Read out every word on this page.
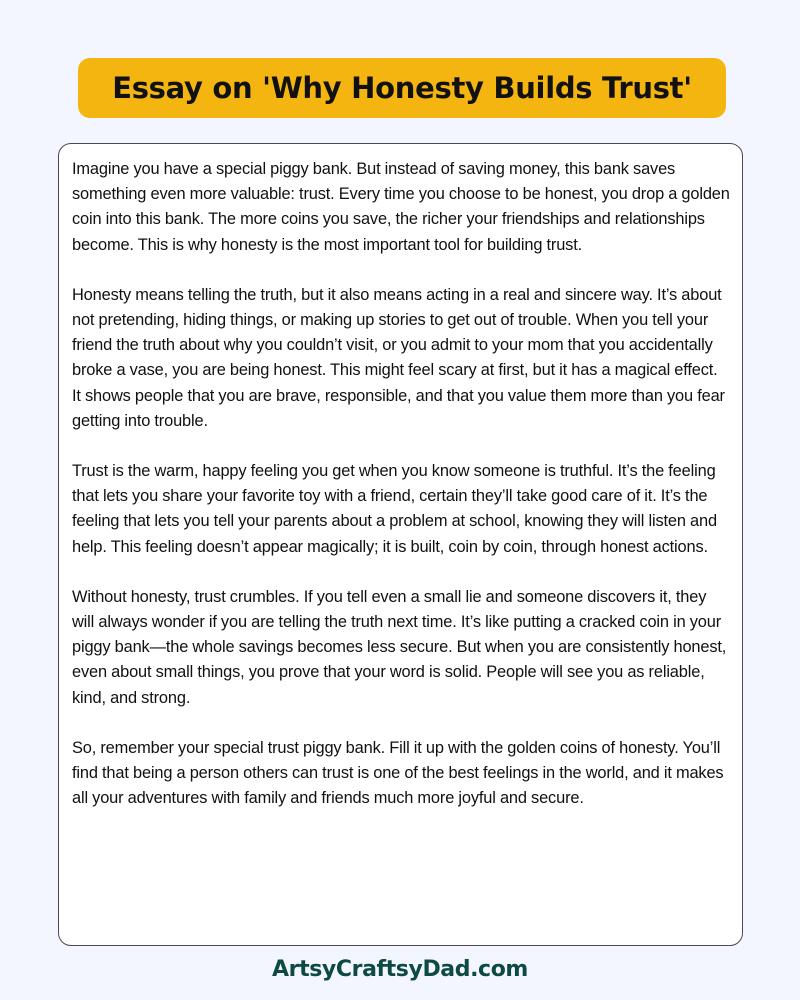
Essay on 'Why Honesty Builds Trust'

Imagine you have a special piggy bank. But instead of saving money, this bank saves something even more valuable: trust. Every time you choose to be honest, you drop a golden coin into this bank. The more coins you save, the richer your friendships and relationships become. This is why honesty is the most important tool for building trust.

Honesty means telling the truth, but it also means acting in a real and sincere way. It’s about not pretending, hiding things, or making up stories to get out of trouble. When you tell your friend the truth about why you couldn’t visit, or you admit to your mom that you accidentally broke a vase, you are being honest. This might feel scary at first, but it has a magical effect. It shows people that you are brave, responsible, and that you value them more than you fear getting into trouble.

Trust is the warm, happy feeling you get when you know someone is truthful. It’s the feeling that lets you share your favorite toy with a friend, certain they’ll take good care of it. It’s the feeling that lets you tell your parents about a problem at school, knowing they will listen and help. This feeling doesn’t appear magically; it is built, coin by coin, through honest actions.

Without honesty, trust crumbles. If you tell even a small lie and someone discovers it, they will always wonder if you are telling the truth next time. It’s like putting a cracked coin in your piggy bank—the whole savings becomes less secure. But when you are consistently honest, even about small things, you prove that your word is solid. People will see you as reliable, kind, and strong.

So, remember your special trust piggy bank. Fill it up with the golden coins of honesty. You’ll find that being a person others can trust is one of the best feelings in the world, and it makes all your adventures with family and friends much more joyful and secure.

ArtsyCraftsyDad.com
